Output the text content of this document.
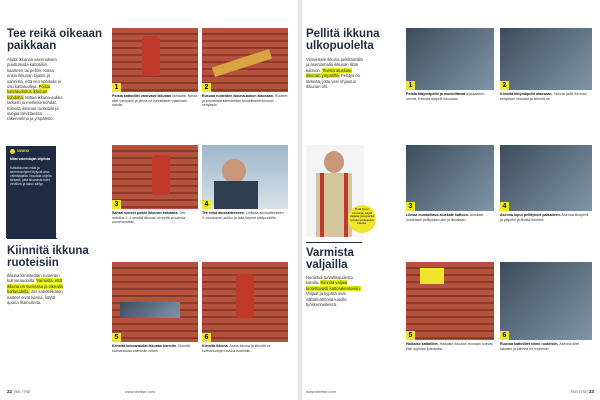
Tee reikä oikeaan
paikkaan
Aloita ikkunan asennuksen puuttumalla kattotiiliin, kaarteen tai peltiin. Katso ensin ikkunan sijainti ja varmista, että sen kohdalle ei osu kattotuoleja. Poista katelaudoitus ikkunan kohdalta. Mittaa ikkuna-aukko tarkasti ja merkitse kohdat. Kiinnitä ikkunan ruoteisiin ja suojaa tarvittaessa rakennelma ja ympäristö.
VINKKI
Mitat valmistajan ohjeista
Kattoikkunan mitat ja asennusohjeet löytyvät aina valmistajalta. Noudata ohjeita tarkasti, jotta ikkunasta tulee vesitiivis ja takuu säilyy.
1	2
Poista kattotiilet varovasti ikkunan kohdalta. Nosta tiilet varovasti ja pinoa ne turvalliseen paikkaan katolle.
Rusuaa ruoteiden ikkuna-aukon alaosaan. Ruoteet ja puutavara kiinnitetään huolellisesti ikkunan kehyksiin.
3	4
Sahaa ruoteet poikki ikkunan kohdalta. Tee mitoitus 2–3 senttiä ikkunan leveyttä ja karmia suuremmaksi.
Tee reikä aluskatteeseen. Leikkaa aluskatteeseen X-muotoinen aukko ja taita liepeet sisäpuolelle.
Kiinnitä ikkuna
ruoteisiin
Ikkuna kiinnitetään ruoteisiin kulmaraudoilla. Varmista, että ikkuna on suorassa ja oikealla korkeudella. Jos kattotiilikaton ruoteet eivät kanna, käytä apuna lisäruoteita.
5	6
Kiinnitä kulmaraudat ikkunan karmiin. Kiinnitä kulmaraudat valmiisiin reikiin.
Kiinnitä ikkuna. Aseta ikkuna ja kiinnitä se kulmarautojen avulla ruoteisiin.
22 TEE ITSE	www.teeitse.com
Pellitä ikkuna
ulkopuolelta
Viimeistele ikkuna pellittämällä ja asentamalla ikkunan liitos kattoon. Tiivistä aluskate ikkunan ympäriltä. Pellitys on tärkeää, jotta vesi ohjautuu ikkunan ohi.
Pidä itsesi turvassa: käytä valjaita ja kypärää työskennellessäsi katolla.
Varmista
valjailla
Huolehdi turvallisuudesta katolla. Kiinnitä valjaat luotettavasti kattorakenteisiin. Valjaat ja kypärä ovat välttämättömiä katolla työskennellessä.
1	2
Poista liittymäpellit ja muotoiltavat aluskatteen reunat. Kiinnitä alapelti ikkunaan.
Kiinnitä liittymäpellit alaosaan. Taivuta pellit ikkunan kehyksen mukaan ja kiinnitä ne.
3	4
Liimaa muotoiltava aluskate kattoon. Aluskate nostetaan pellityksen alle ja liimataan.
Asenna loput pellitykset paikalleen. Asenna sivupellit ja yläpellit ja tiivistä liitokset.
5	6
Halkaise kattotiilet. Halkaise ikkunan reunaan tulevat tiilet sopivan kokoisiksi.
Ruuvaa kattotiilet kiinni ruoteisiin. Asenna tiilet takaisin ja kiinnitä ne ruoteisiin.
www.teeitse.com	TEE ITSE 23
